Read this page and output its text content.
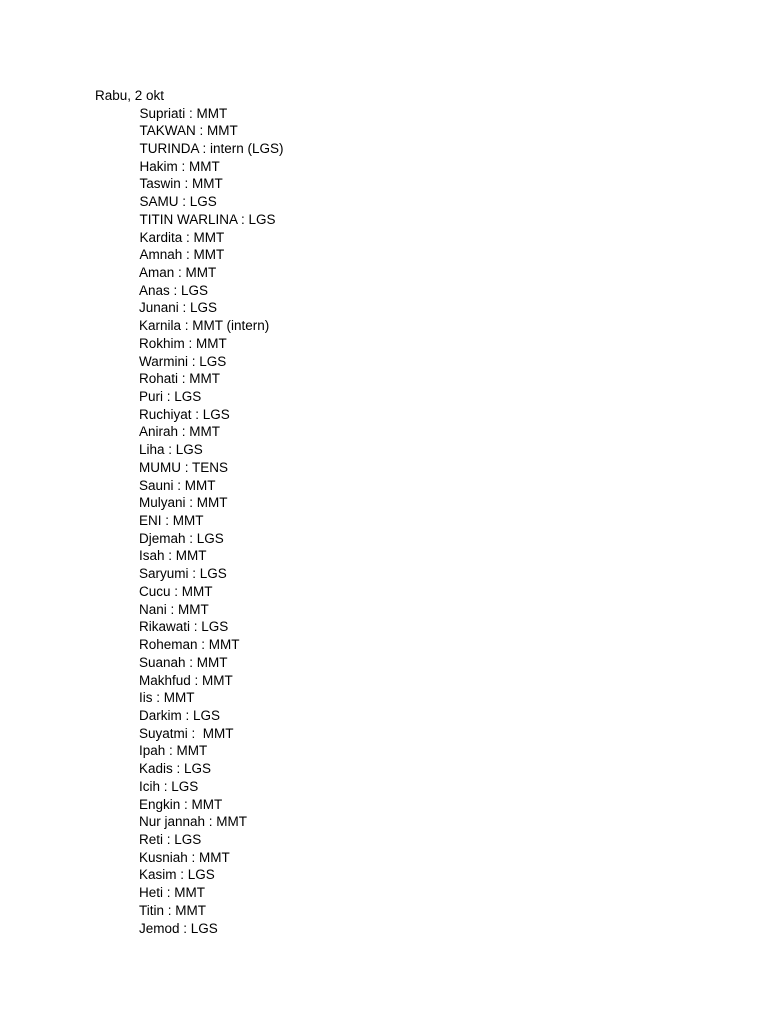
Rabu, 2 okt
Supriati : MMT
TAKWAN : MMT
TURINDA : intern (LGS)
Hakim : MMT
Taswin : MMT
SAMU : LGS
TITIN WARLINA : LGS
Kardita : MMT
Amnah : MMT
Aman : MMT
Anas : LGS
Junani : LGS
Karnila : MMT (intern)
Rokhim : MMT
Warmini : LGS
Rohati : MMT
Puri : LGS
Ruchiyat : LGS
Anirah : MMT
Liha : LGS
MUMU : TENS
Sauni : MMT
Mulyani : MMT
ENI : MMT
Djemah : LGS
Isah : MMT
Saryumi : LGS
Cucu : MMT
Nani : MMT
Rikawati : LGS
Roheman : MMT
Suanah : MMT
Makhfud : MMT
Iis : MMT
Darkim : LGS
Suyatmi :  MMT
Ipah : MMT
Kadis : LGS
Icih : LGS
Engkin : MMT
Nur jannah : MMT
Reti : LGS
Kusniah : MMT
Kasim : LGS
Heti : MMT
Titin : MMT
Jemod : LGS
